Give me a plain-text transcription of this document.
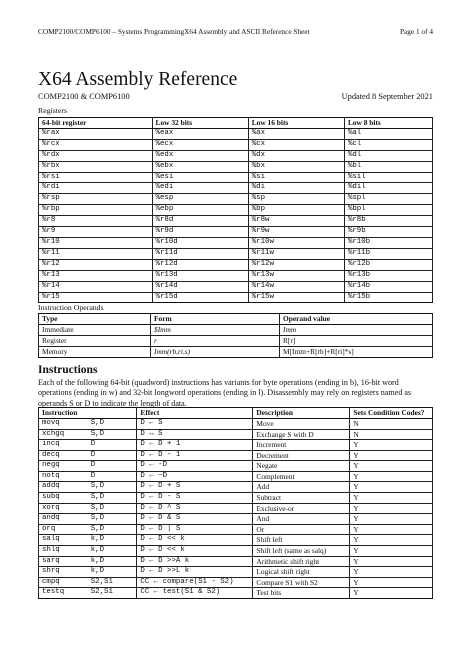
COMP2100/COMP6100 – Systems ProgrammingX64 Assembly and ASCII Reference Sheet	Page 1 of 4
X64 Assembly Reference
COMP2100 & COMP6100	Updated 8 September 2021
Registers
64-bit register	Low 32 bits	Low 16 bits	Low 8 bits
%rax	%eax	%ax	%al
%rcx	%ecx	%cx	%cl
%rdx	%edx	%dx	%dl
%rbx	%ebx	%bx	%bl
%rsi	%esi	%si	%sil
%rdi	%edi	%di	%dil
%rsp	%esp	%sp	%spl
%rbp	%ebp	%bp	%bpl
%r8	%r8d	%r8w	%r8b
%r9	%r9d	%r9w	%r9b
%r10	%r10d	%r10w	%r10b
%r11	%r11d	%r11w	%r11b
%r12	%r12d	%r12w	%r12b
%r13	%r13d	%r13w	%r13b
%r14	%r14d	%r14w	%r14b
%r15	%r15d	%r15w	%r15b
Instruction Operands
Type	Form	Operand value
Immediate	$Imm	Imm
Register	r	R[r]
Memory	Imm(rb,ri,s)	M[Imm+R[rb]+R[ri]*s]
Instructions

Each of the following 64-bit (quadword) instructions has variants for byte operations (ending in b), 16-bit word operations (ending in w) and 32-bit longword operations (ending in l). Disassembly may rely on registers named as operands S or D to indicate the length of data.

Instruction		Effect	Description	Sets Condition Codes?
movq	S,D	D ← S	Move	N
xchgq	S,D	D ↔ S	Exchange S with D	N
incq	D	D ← D + 1	Increment	Y
decq	D	D ← D - 1	Decrement	Y
negq	D	D ← -D	Negate	Y
notq	D	D ← ~D	Complement	Y
addq	S,D	D ← D + S	Add	Y
subq	S,D	D ← D - S	Subtract	Y
xorq	S,D	D ← D ^ S	Exclusive-or	Y
andq	S,D	D ← D & S	And	Y
orq	S,D	D ← D | S	Or	Y
salq	k,D	D ← D << k	Shift left	Y
shlq	k,D	D ← D << k	Shift left (same as salq)	Y
sarq	k,D	D ← D >>A k	Arithmetic shift right	Y
shrq	k,D	D ← D >>L k	Logical shift right	Y
cmpq	S2,S1	CC ← compare(S1 - S2)	Compare S1 with S2	Y
testq	S2,S1	CC ← test(S1 & S2)	Test bits	Y
